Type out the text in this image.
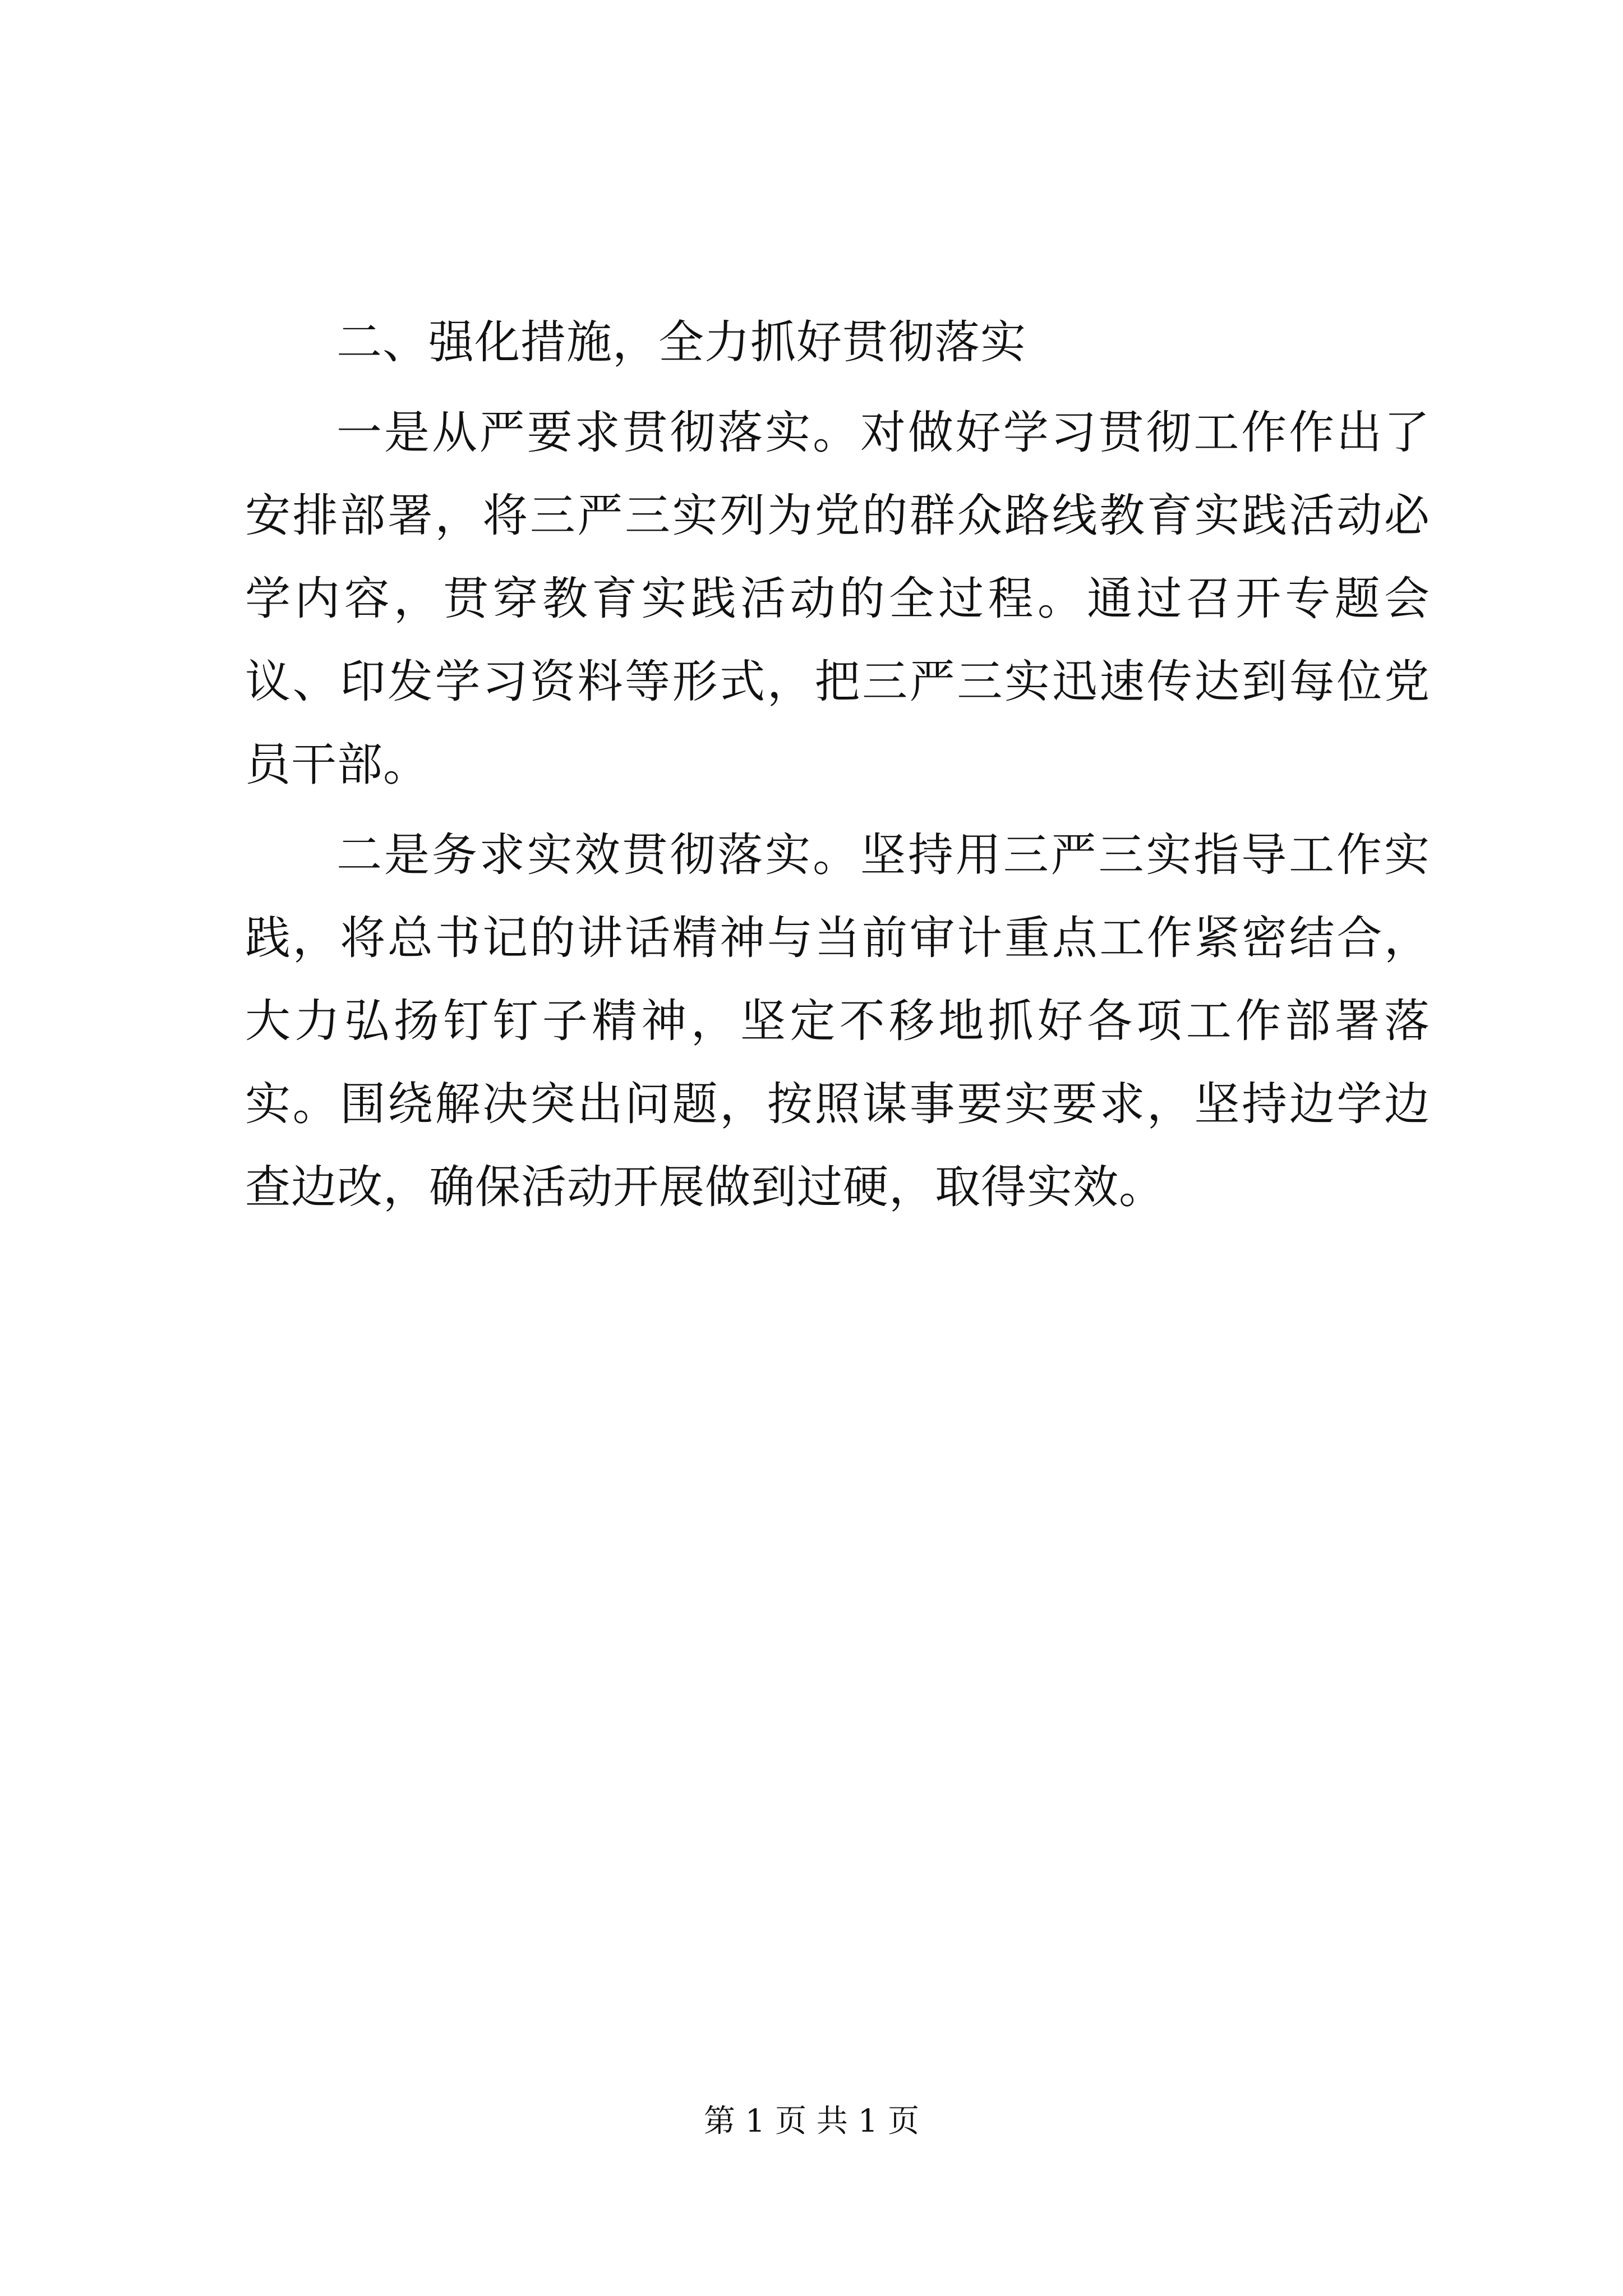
二、强化措施，全力抓好贯彻落实

一是从严要求贯彻落实。对做好学习贯彻工作作出了安排部署，将三严三实列为党的群众路线教育实践活动必学内容，贯穿教育实践活动的全过程。通过召开专题会议、印发学习资料等形式，把三严三实迅速传达到每位党员干部。

二是务求实效贯彻落实。坚持用三严三实指导工作实践，将总书记的讲话精神与当前审计重点工作紧密结合，大力弘扬钉钉子精神，坚定不移地抓好各项工作部署落实。围绕解决突出问题，按照谋事要实要求，坚持边学边查边改，确保活动开展做到过硬，取得实效。

第 1 页 共 1 页
